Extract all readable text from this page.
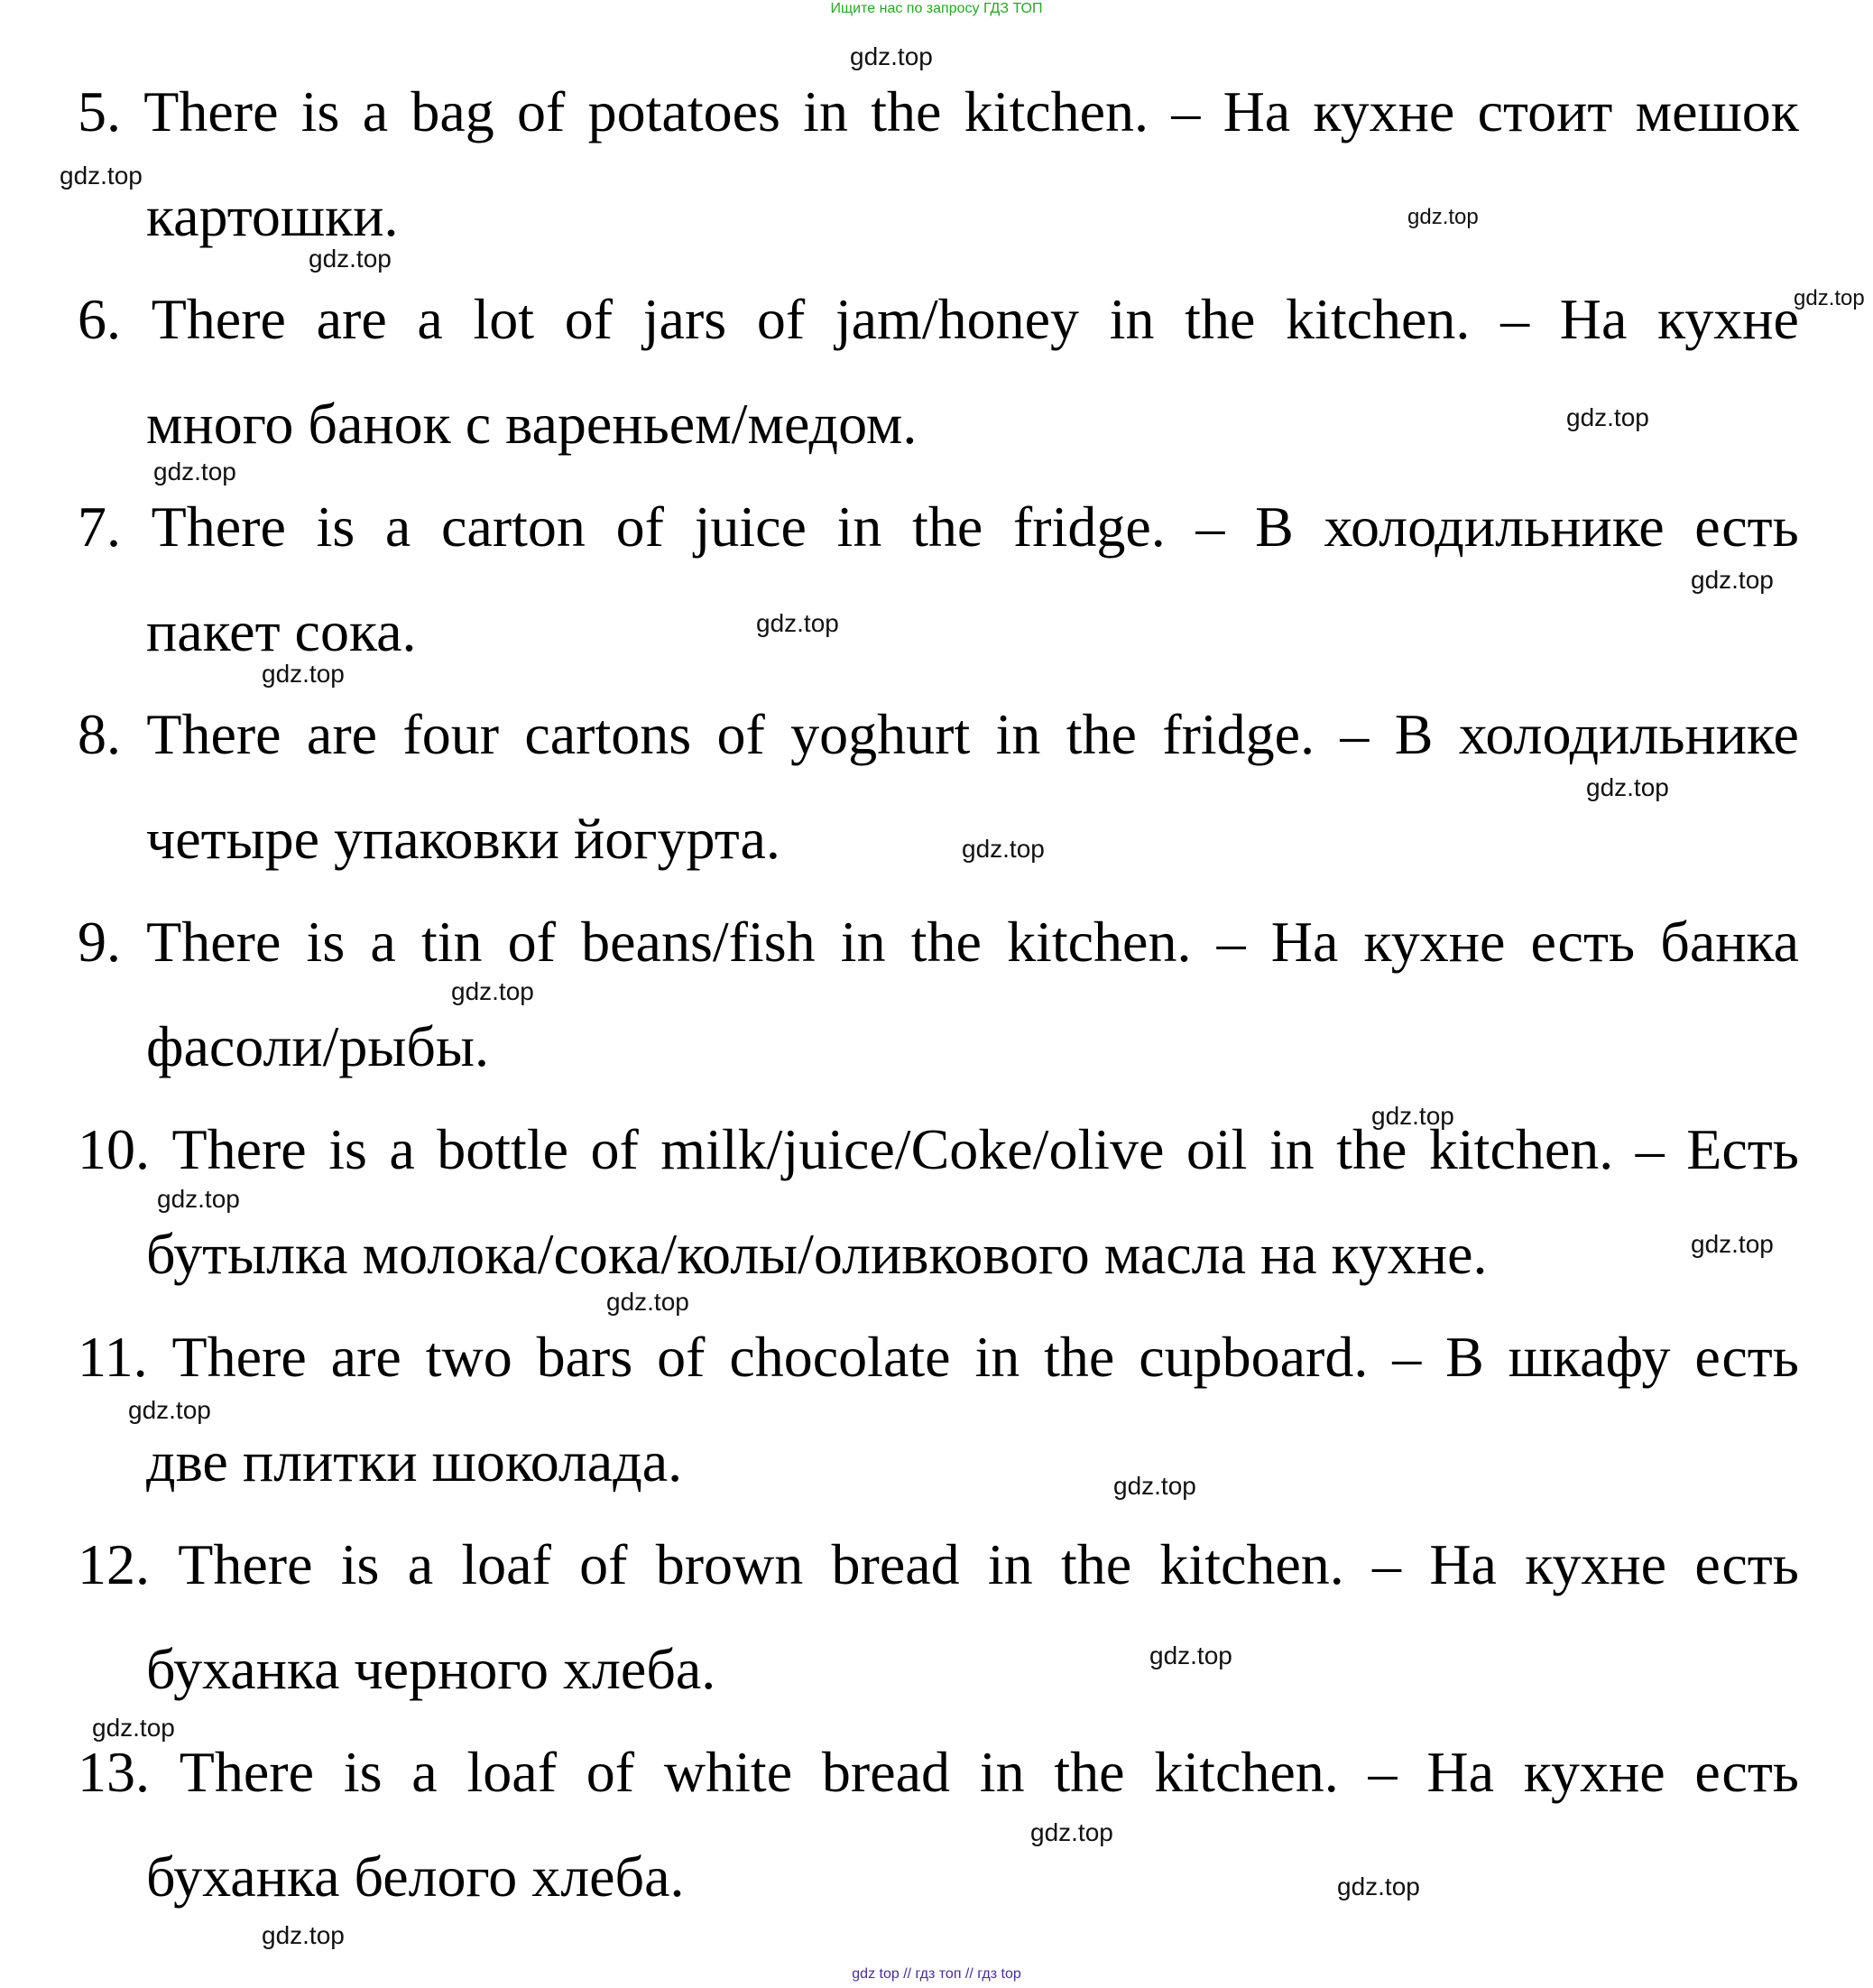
Ищите нас по запросу ГДЗ ТОП
5. There is a bag of potatoes in the kitchen. – На кухне стоит мешок
картошки.
6. There are a lot of jars of jam/honey in the kitchen. – На кухне
много банок с вареньем/медом.
7. There is a carton of juice in the fridge. – В холодильнике есть
пакет сока.
8. There are four cartons of yoghurt in the fridge. – В холодильнике
четыре упаковки йогурта.
9. There is a tin of beans/fish in the kitchen. – На кухне есть банка
фасоли/рыбы.
10. There is a bottle of milk/juice/Coke/olive oil in the kitchen. – Есть
бутылка молока/сока/колы/оливкового масла на кухне.
11. There are two bars of chocolate in the cupboard. – В шкафу есть
две плитки шоколада.
12. There is a loaf of brown bread in the kitchen. – На кухне есть
буханка черного хлеба.
13. There is a loaf of white bread in the kitchen. – На кухне есть
буханка белого хлеба.
gdz.top
gdz.top
gdz.top
gdz.top
gdz.top
gdz.top
gdz.top
gdz.top
gdz.top
gdz.top
gdz.top
gdz.top
gdz.top
gdz.top
gdz.top
gdz.top
gdz.top
gdz.top
gdz.top
gdz.top
gdz.top
gdz.top
gdz.top
gdz.top
gdz top // гдз топ // гдз top
